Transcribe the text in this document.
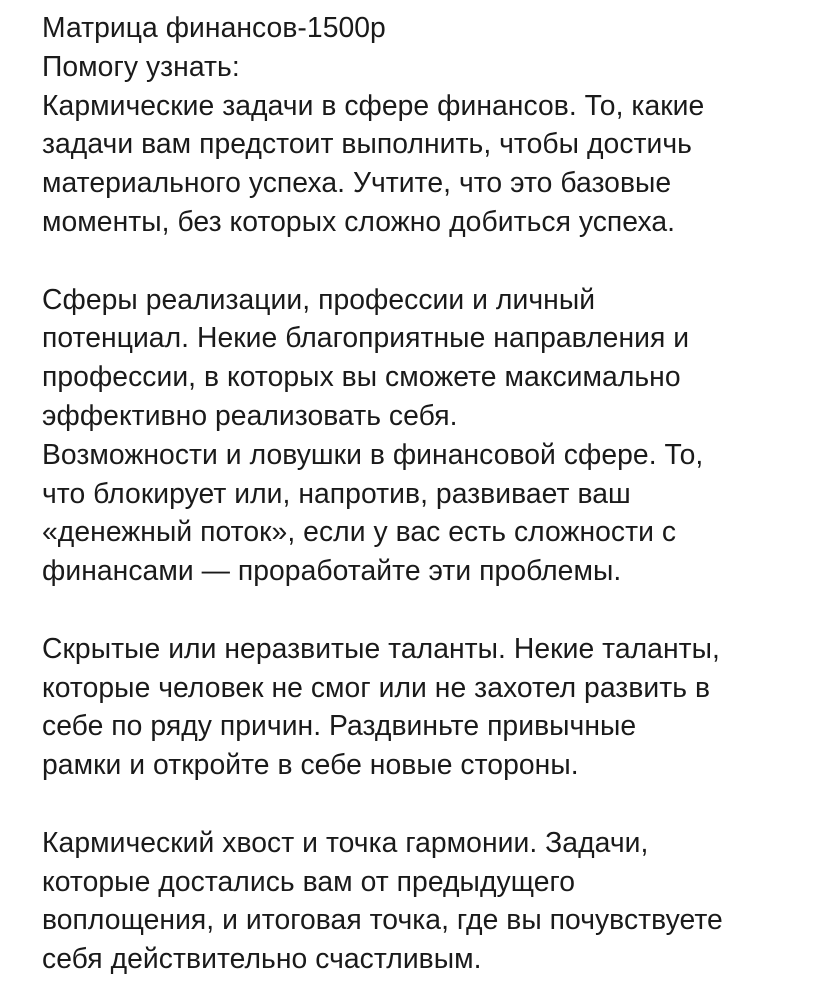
Матрица финансов-1500р
Помогу узнать:
Кармические задачи в сфере финансов. То, какие
задачи вам предстоит выполнить, чтобы достичь
материального успеха. Учтите, что это базовые
моменты, без которых сложно добиться успеха.
Сферы реализации, профессии и личный
потенциал. Некие благоприятные направления и
профессии, в которых вы сможете максимально
эффективно реализовать себя.
Возможности и ловушки в финансовой сфере. То,
что блокирует или, напротив, развивает ваш
«денежный поток», если у вас есть сложности с
финансами — проработайте эти проблемы.
Скрытые или неразвитые таланты. Некие таланты,
которые человек не смог или не захотел развить в
себе по ряду причин. Раздвиньте привычные
рамки и откройте в себе новые стороны.
Кармический хвост и точка гармонии. Задачи,
которые достались вам от предыдущего
воплощения, и итоговая точка, где вы почувствуете
себя действительно счастливым.
